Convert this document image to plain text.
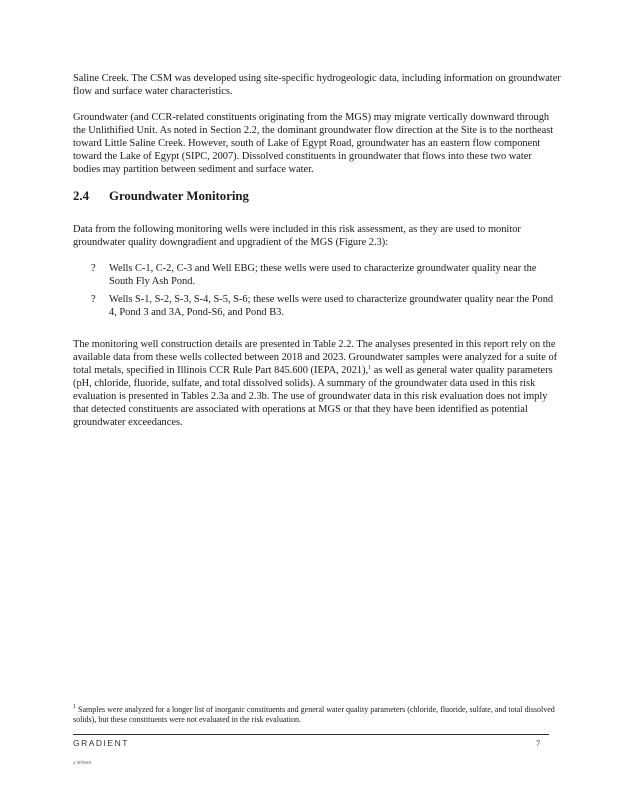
Saline Creek. The CSM was developed using site-specific hydrogeologic data, including information on groundwater flow and surface water characteristics.

Groundwater (and CCR-related constituents originating from the MGS) may migrate vertically downward through the Unlithified Unit. As noted in Section 2.2, the dominant groundwater flow direction at the Site is to the northeast toward Little Saline Creek. However, south of Lake of Egypt Road, groundwater has an eastern flow component toward the Lake of Egypt (SIPC, 2007). Dissolved constituents in groundwater that flows into these two water bodies may partition between sediment and surface water.

2.4 Groundwater Monitoring

Data from the following monitoring wells were included in this risk assessment, as they are used to monitor groundwater quality downgradient and upgradient of the MGS (Figure 2.3):

? Wells C-1, C-2, C-3 and Well EBG; these wells were used to characterize groundwater quality near the South Fly Ash Pond.
? Wells S-1, S-2, S-3, S-4, S-5, S-6; these wells were used to characterize groundwater quality near the Pond 4, Pond 3 and 3A, Pond-S6, and Pond B3.

The monitoring well construction details are presented in Table 2.2. The analyses presented in this report rely on the available data from these wells collected between 2018 and 2023. Groundwater samples were analyzed for a suite of total metals, specified in Illinois CCR Rule Part 845.600 (IEPA, 2021),$^1$ as well as general water quality parameters (pH, chloride, fluoride, sulfate, and total dissolved solids). A summary of the groundwater data used in this risk evaluation is presented in Tables 2.3a and 2.3b. The use of groundwater data in this risk evaluation does not imply that detected constituents are associated with operations at MGS or that they have been identified as potential groundwater exceedances.

$^1$ Samples were analyzed for a longer list of inorganic constituents and general water quality parameters (chloride, fluoride, sulfate, and total dissolved solids), but these constituents were not evaluated in the risk evaluation.
GRADIENT	7
y:\0\f\WS
